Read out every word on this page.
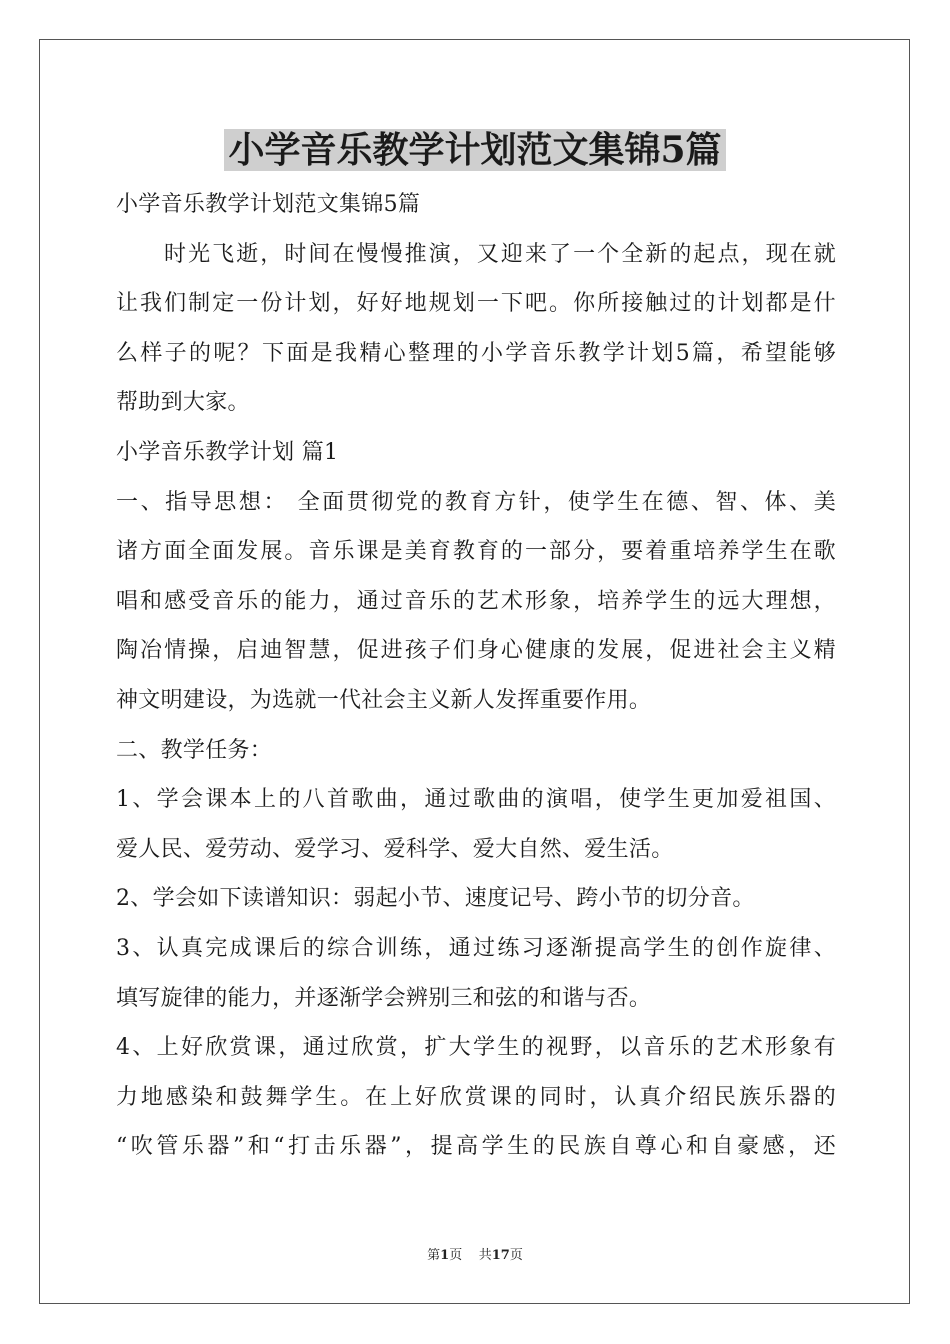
小学音乐教学计划范文集锦5篇
小学音乐教学计划范文集锦5篇
时光飞逝，时间在慢慢推演，又迎来了一个全新的起点，现在就
让我们制定一份计划，好好地规划一下吧。你所接触过的计划都是什
么样子的呢？下面是我精心整理的小学音乐教学计划5篇，希望能够
帮助到大家。
小学音乐教学计划 篇1
一、指导思想： 全面贯彻党的教育方针，使学生在德、智、体、美
诸方面全面发展。音乐课是美育教育的一部分，要着重培养学生在歌
唱和感受音乐的能力，通过音乐的艺术形象，培养学生的远大理想，
陶冶情操，启迪智慧，促进孩子们身心健康的发展，促进社会主义精
神文明建设，为选就一代社会主义新人发挥重要作用。
二、教学任务：
1、学会课本上的八首歌曲，通过歌曲的演唱，使学生更加爱祖国、
爱人民、爱劳动、爱学习、爱科学、爱大自然、爱生活。
2、学会如下读谱知识：弱起小节、速度记号、跨小节的切分音。
3、认真完成课后的综合训练，通过练习逐渐提高学生的创作旋律、
填写旋律的能力，并逐渐学会辨别三和弦的和谐与否。
4、上好欣赏课，通过欣赏，扩大学生的视野，以音乐的艺术形象有
力地感染和鼓舞学生。在上好欣赏课的同时，认真介绍民族乐器的
“吹管乐器”和“打击乐器”，提高学生的民族自尊心和自豪感，还
第1页 共17页
